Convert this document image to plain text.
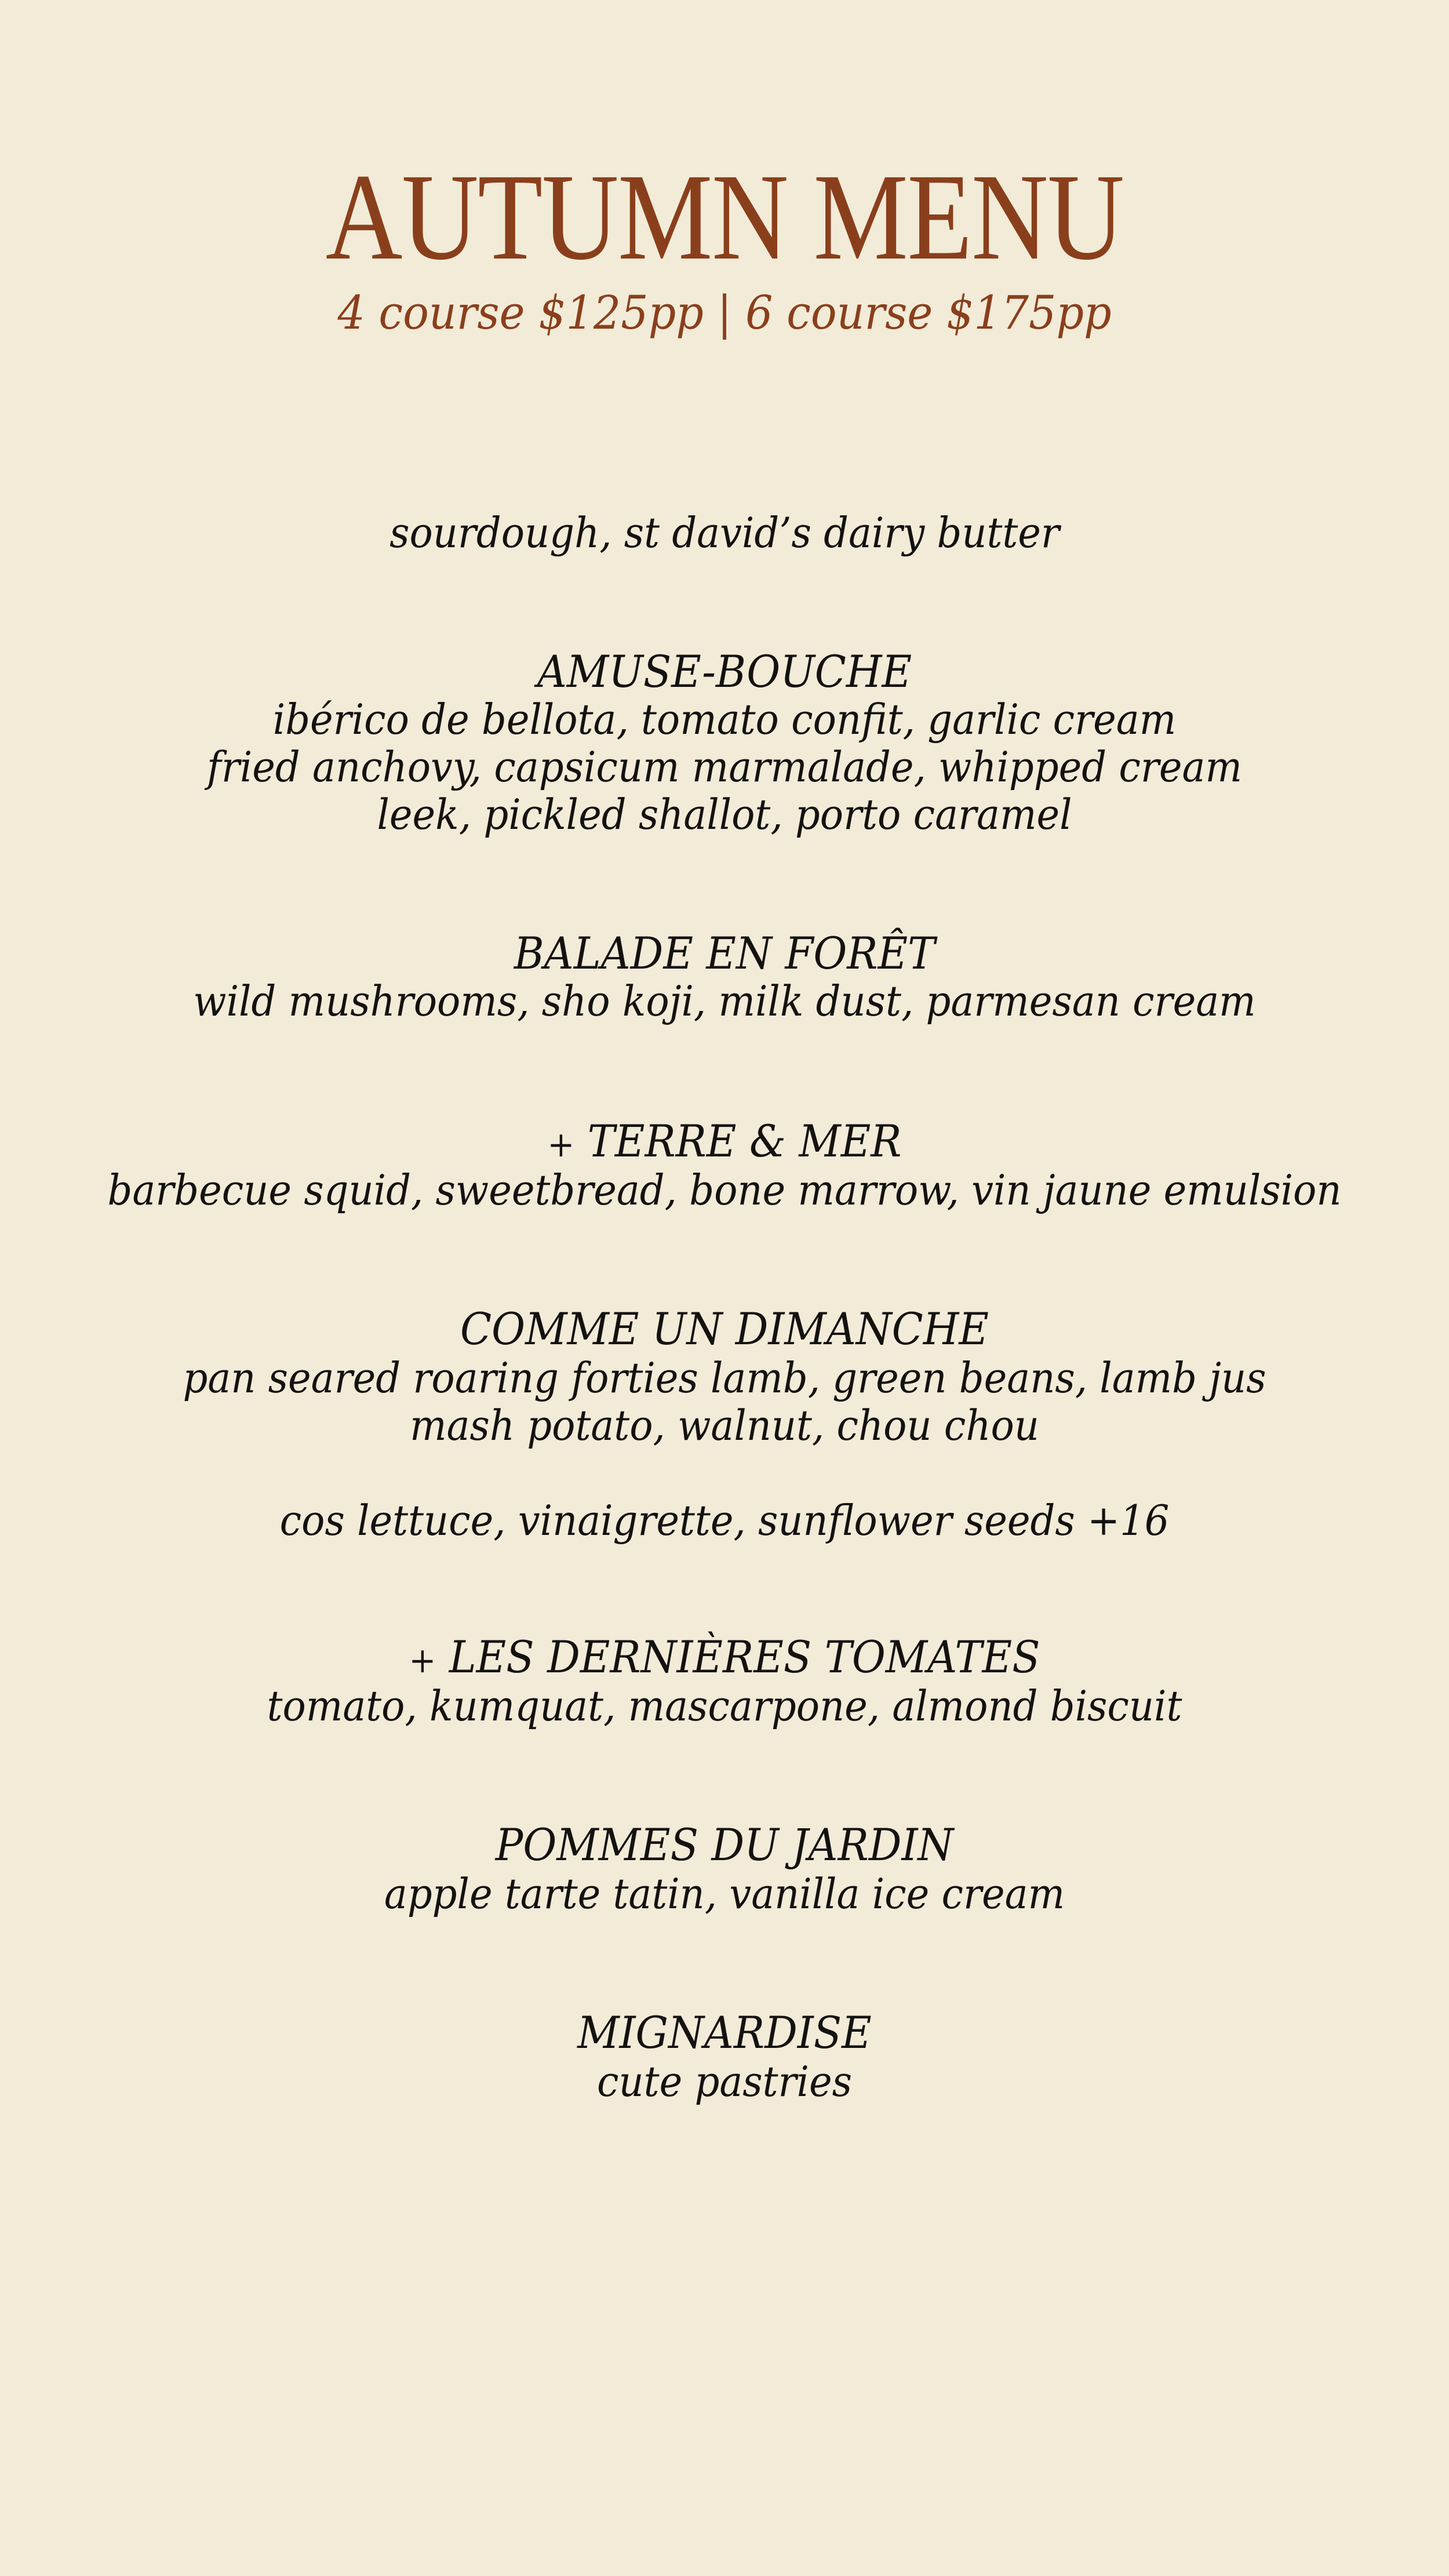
AUTUMN MENU
4 course $125pp | 6 course $175pp
sourdough, st david’s dairy butter
AMUSE-BOUCHE
ibérico de bellota, tomato confit, garlic cream
fried anchovy, capsicum marmalade, whipped cream
leek, pickled shallot, porto caramel
BALADE EN FORÊT
wild mushrooms, sho koji, milk dust, parmesan cream
+ TERRE & MER
barbecue squid, sweetbread, bone marrow, vin jaune emulsion
COMME UN DIMANCHE
pan seared roaring forties lamb, green beans, lamb jus
mash potato, walnut, chou chou
cos lettuce, vinaigrette, sunflower seeds +16
+ LES DERNIÈRES TOMATES
tomato, kumquat, mascarpone, almond biscuit
POMMES DU JARDIN
apple tarte tatin, vanilla ice cream
MIGNARDISE
cute pastries
